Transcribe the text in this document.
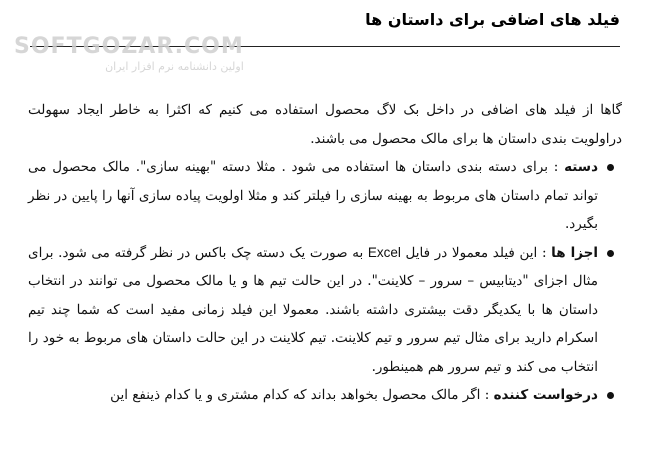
فیلد های اضافی برای داستان ها
SOFTGOZAR.COM
اولین دانشنامه نرم افزار ایران

گاها از فیلد های اضافی در داخل بک لاگ محصول استفاده می کنیم که اکثرا به خاطر ایجاد سهولت دراولویت بندی داستان ها برای مالک محصول می باشند.

دسته : برای دسته بندی داستان ها استفاده می شود . مثلا دسته "بهینه سازی". مالک محصول می تواند تمام داستان های مربوط به بهینه سازی را فیلتر کند و مثلا اولویت پیاده سازی آنها را پایین در نظر بگیرد.
اجزا ها : این فیلد معمولا در فایل Excel به صورت یک دسته چک باکس در نظر گرفته می شود. برای مثال اجزای "دیتابیس – سرور – کلاینت". در این حالت تیم ها و یا مالک محصول می توانند در انتخاب داستان ها با یکدیگر دقت بیشتری داشته باشند. معمولا این فیلد زمانی مفید است که شما چند تیم اسکرام دارید برای مثال تیم سرور و تیم کلاینت. تیم کلاینت در این حالت داستان های مربوط به خود را انتخاب می کند و تیم سرور هم همینطور.
درخواست کننده : اگر مالک محصول بخواهد بداند که کدام مشتری و یا کدام ذینفع این
